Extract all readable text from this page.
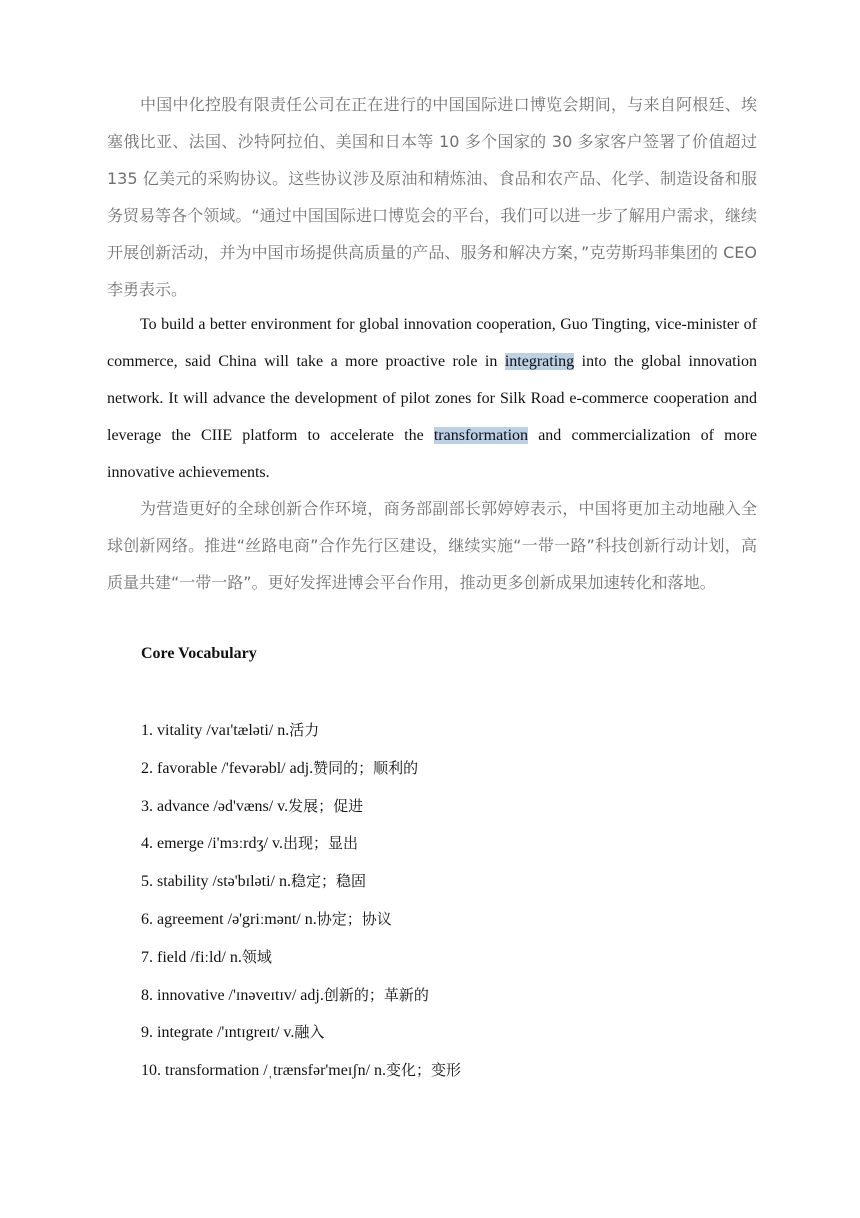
中国中化控股有限责任公司在正在进行的中国国际进口博览会期间，与来自阿根廷、埃塞俄比亚、法国、沙特阿拉伯、美国和日本等 10 多个国家的 30 多家客户签署了价值超过 135 亿美元的采购协议。这些协议涉及原油和精炼油、食品和农产品、化学、制造设备和服务贸易等各个领域。“通过中国国际进口博览会的平台，我们可以进一步了解用户需求，继续开展创新活动，并为中国市场提供高质量的产品、服务和解决方案，”克劳斯玛菲集团的 CEO 李勇表示。

To build a better environment for global innovation cooperation, Guo Tingting, vice-minister of commerce, said China will take a more proactive role in integrating into the global innovation network. It will advance the development of pilot zones for Silk Road e-commerce cooperation and leverage the CIIE platform to accelerate the transformation and commercialization of more innovative achievements.

为营造更好的全球创新合作环境，商务部副部长郭婷婷表示，中国将更加主动地融入全球创新网络。推进“丝路电商”合作先行区建设，继续实施“一带一路”科技创新行动计划，高质量共建“一带一路”。更好发挥进博会平台作用，推动更多创新成果加速转化和落地。

Core Vocabulary
1. vitality /vaɪ'tæləti/ n.活力
2. favorable /'fevərəbl/ adj.赞同的；顺利的
3. advance /əd'væns/ v.发展；促进
4. emerge /i'mɜːrdʒ/ v.出现；显出
5. stability /stə'bɪləti/ n.稳定；稳固
6. agreement /ə'griːmənt/ n.协定；协议
7. field /fiːld/ n.领域
8. innovative /'ɪnəveɪtɪv/ adj.创新的；革新的
9. integrate /'ɪntɪgreɪt/ v.融入
10. transformation /ˌtrænsfər'meɪʃn/ n.变化；变形
